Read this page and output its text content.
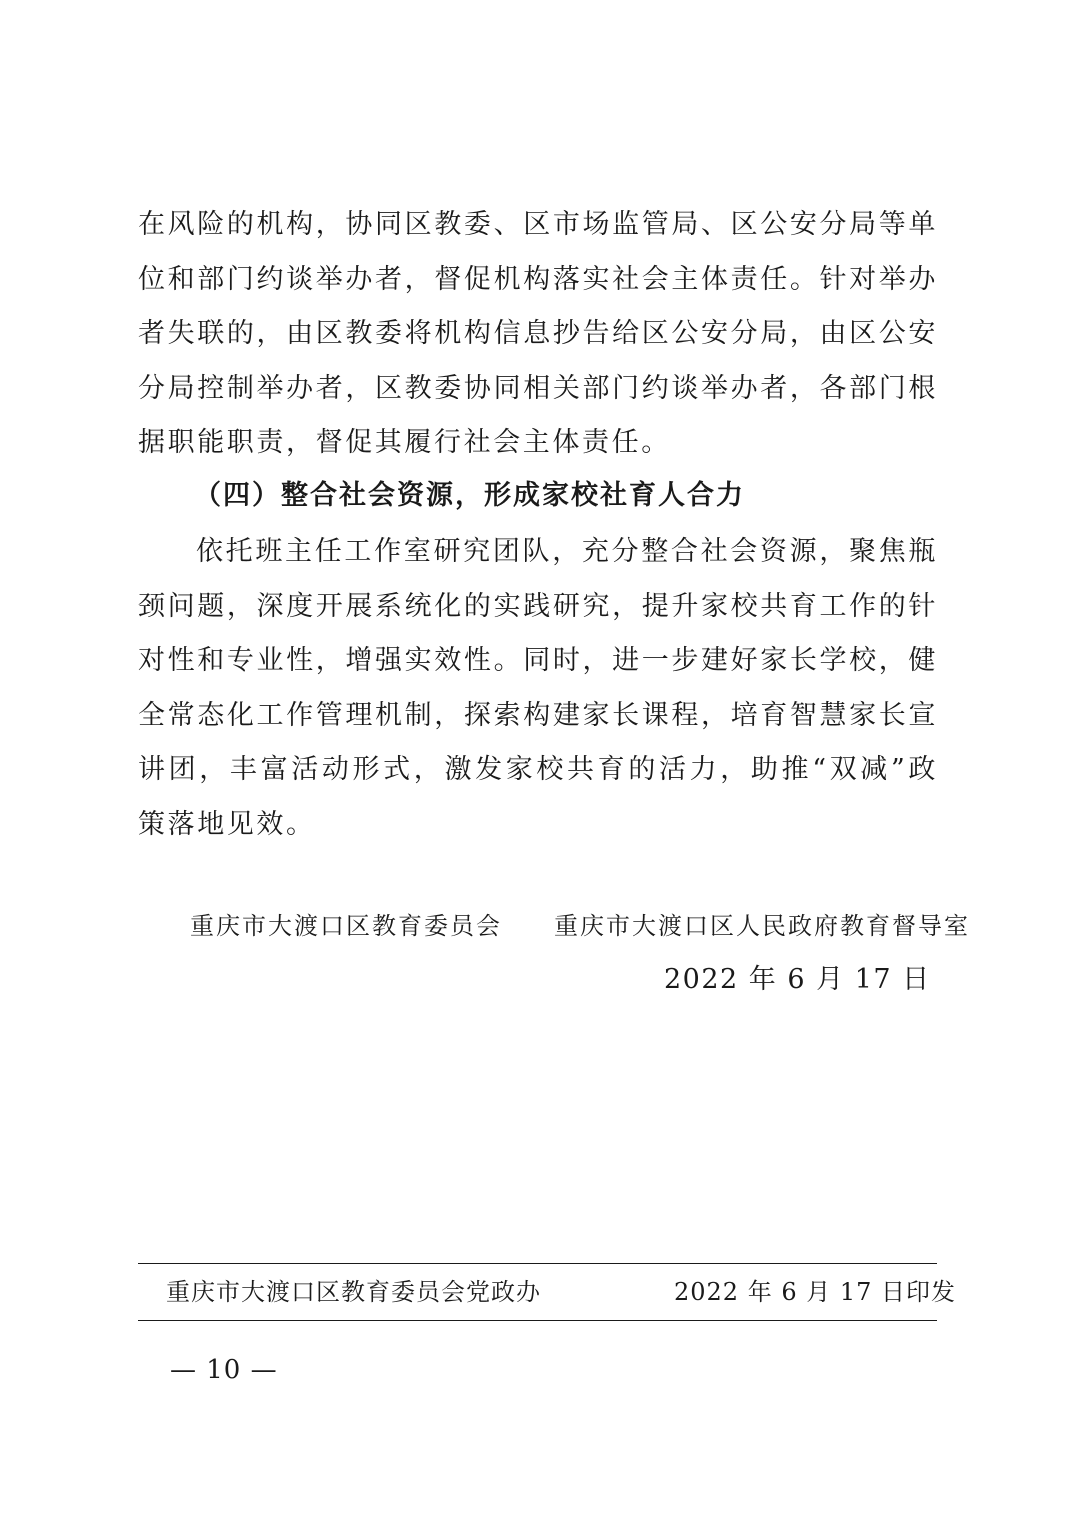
在风险的机构，协同区教委、区市场监管局、区公安分局等单位和部门约谈举办者，督促机构落实社会主体责任。针对举办者失联的，由区教委将机构信息抄告给区公安分局，由区公安分局控制举办者，区教委协同相关部门约谈举办者，各部门根据职能职责，督促其履行社会主体责任。

（四）整合社会资源，形成家校社育人合力

依托班主任工作室研究团队，充分整合社会资源，聚焦瓶颈问题，深度开展系统化的实践研究，提升家校共育工作的针对性和专业性，增强实效性。同时，进一步建好家长学校，健全常态化工作管理机制，探索构建家长课程，培育智慧家长宣讲团，丰富活动形式，激发家校共育的活力，助推“双减”政策落地见效。

重庆市大渡口区教育委员会 重庆市大渡口区人民政府教育督导室
2022 年 6 月 17 日
重庆市大渡口区教育委员会党政办	2022 年 6 月 17 日印发
— 10 —
